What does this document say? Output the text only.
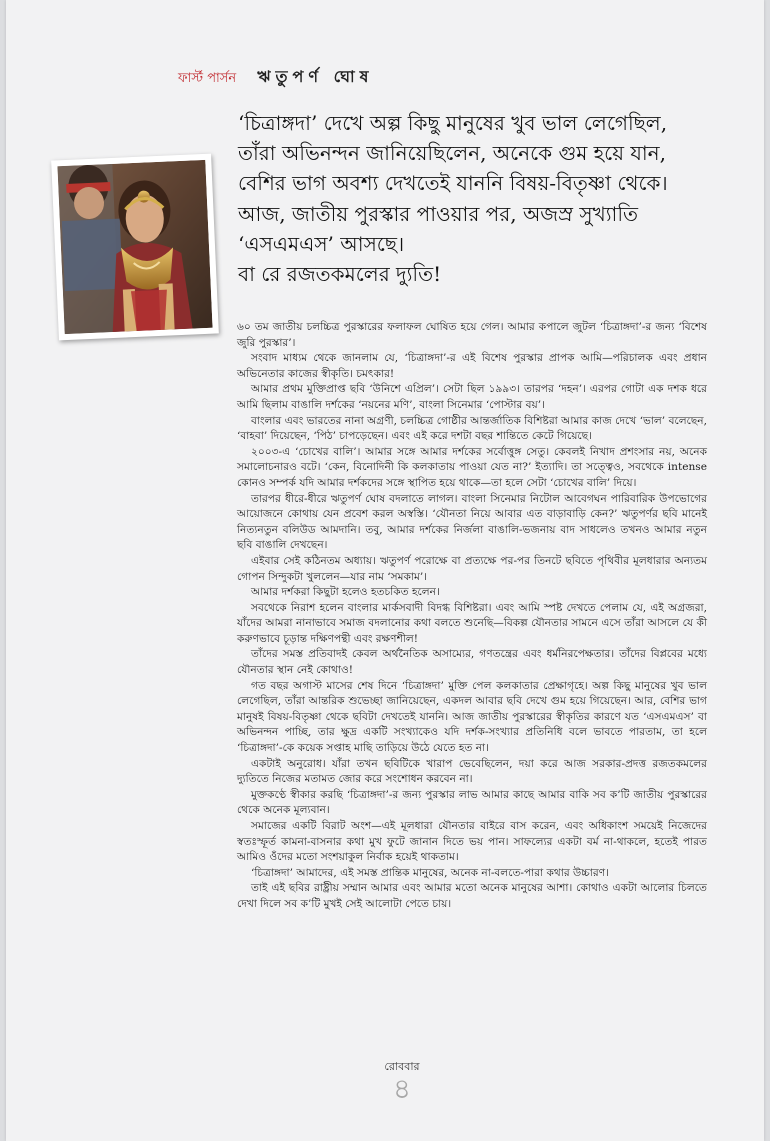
ফার্স্ট পার্সন ঋতুপর্ণ ঘোষ

‘চিত্রাঙ্গদা’ দেখে অল্প কিছু মানুষের খুব ভাল লেগেছিল, তাঁরা অভিনন্দন জানিয়েছিলেন, অনেকে গুম হয়ে যান, বেশির ভাগ অবশ্য দেখতেই যাননি বিষয়-বিতৃষ্ণা থেকে। আজ, জাতীয় পুরস্কার পাওয়ার পর, অজস্র সুখ্যাতি ‘এসএমএস’ আসছে।

বা রে রজতকমলের দ্যুতি!

৬০ তম জাতীয় চলচ্চিত্র পুরস্কারের ফলাফল ঘোষিত হয়ে গেল। আমার কপালে জুটল ‘চিত্রাঙ্গদা’-র জন্য ‘বিশেষ জুরি পুরস্কার’।

সংবাদ মাধ্যম থেকে জানলাম যে, ‘চিত্রাঙ্গদা’-র এই বিশেষ পুরস্কার প্রাপক আমি—পরিচালক এবং প্রধান অভিনেতার কাজের স্বীকৃতি। চমৎকার!

আমার প্রথম মুক্তিপ্রাপ্ত ছবি ‘উনিশে এপ্রিল’। সেটা ছিল ১৯৯৩। তারপর ‘দহন’। এরপর গোটা এক দশক ধরে আমি ছিলাম বাঙালি দর্শকের ‘নয়নের মণি’, বাংলা সিনেমার ‘পোস্টার বয়’।

বাংলার এবং ভারতের নানা অগ্রণী, চলচ্চিত্র গোষ্ঠীর আন্তর্জাতিক বিশিষ্টরা আমার কাজ দেখে ‘ভাল’ বলেছেন, ‘বাহবা’ দিয়েছেন, ‘পিঠ’ চাপড়েছেন। এবং এই করে দশটা বছর শান্তিতে কেটে গিয়েছে।

২০০৩-এ ‘চোখের বালি’। আমার সঙ্গে আমার দর্শকের সর্বোত্তুঙ্গ সেতু। কেবলই নিখাদ প্রশংসার নয়, অনেক সমালোচনারও বটে। ‘কেন, বিনোদিনী কি কলকাতায় পাওয়া যেত না?’ ইত্যাদি। তা সত্ত্বেও, সবথেকে intense কোনও সম্পর্ক যদি আমার দর্শকদের সঙ্গে স্থাপিত হয়ে থাকে—তা হলে সেটা ‘চোখের বালি’ দিয়ে।

তারপর ধীরে-ধীরে ঋতুপর্ণ ঘোষ বদলাতে লাগল। বাংলা সিনেমার নিটোল আবেগঘন পারিবারিক উপভোগের আয়োজনে কোথায় যেন প্রবেশ করল অস্বস্তি। ‘যৌনতা নিয়ে আবার এত বাড়াবাড়ি কেন?’ ঋতুপর্ণর ছবি মানেই নিত্যনতুন বলিউড আমদানি। তবু, আমার দর্শকের নির্জলা বাঙালি-ভজনায় বাদ সাধলেও তখনও আমার নতুন ছবি বাঙালি দেখছেন।

এইবার সেই কঠিনতম অধ্যায়। ঋতুপর্ণ পরোক্ষে বা প্রত্যক্ষে পর-পর তিনটে ছবিতে পৃথিবীর মূলধারার অন্যতম গোপন সিন্দুকটা খুললেন—যার নাম ‘সমকাম’।

আমার দর্শকরা কিছুটা হলেও হতচকিত হলেন।

সবথেকে নিরাশ হলেন বাংলার মার্কসবাদী বিদগ্ধ বিশিষ্টরা। এবং আমি স্পষ্ট দেখতে পেলাম যে, এই অগ্রজরা, যাঁদের আমরা নানাভাবে সমাজ বদলানোর কথা বলতে শুনেছি—বিকল্প যৌনতার সামনে এসে তাঁরা আসলে যে কী করুণভাবে চূড়ান্ত দক্ষিণপন্থী এবং রক্ষণশীল!

তাঁদের সমস্ত প্রতিবাদই কেবল অর্থনৈতিক অসাম্যের, গণতন্ত্রের এবং ধর্মনিরপেক্ষতার। তাঁদের বিপ্লবের মধ্যে যৌনতার স্থান নেই কোথাও!

গত বছর অগাস্ট মাসের শেষ দিনে ‘চিত্রাঙ্গদা’ মুক্তি পেল কলকাতার প্রেক্ষাগৃহে। অল্প কিছু মানুষের খুব ভাল লেগেছিল, তাঁরা আন্তরিক শুভেচ্ছা জানিয়েছেন, একদল আবার ছবি দেখে গুম হয়ে গিয়েছেন। আর, বেশির ভাগ মানুষই বিষয়-বিতৃষ্ণা থেকে ছবিটা দেখতেই যাননি। আজ জাতীয় পুরস্কারের স্বীকৃতির কারণে যত ‘এসএমএস’ বা অভিনন্দন পাচ্ছি, তার ক্ষুদ্র একটি সংখ্যাকেও যদি দর্শক-সংখ্যার প্রতিনিধি বলে ভাবতে পারতাম, তা হলে ‘চিত্রাঙ্গদা’-কে কয়েক সপ্তাহ মাছি তাড়িয়ে উঠে যেতে হত না।

একটাই অনুরোধ। যাঁরা তখন ছবিটিকে খারাপ ভেবেছিলেন, দয়া করে আজ সরকার-প্রদত্ত রজতকমলের দ্যুতিতে নিজের মতামত জোর করে সংশোধন করবেন না।

মুক্তকণ্ঠে স্বীকার করছি ‘চিত্রাঙ্গদা’-র জন্য পুরস্কার লাভ আমার কাছে আমার বাকি সব ক’টি জাতীয় পুরস্কারের থেকে অনেক মূল্যবান।

সমাজের একটি বিরাট অংশ—এই মূলধারা যৌনতার বাইরে বাস করেন, এবং অধিকাংশ সময়েই নিজেদের স্বতঃস্ফূর্ত কামনা-বাসনার কথা মুখ ফুটে জানান দিতে ভয় পান। সাফল্যের একটা বর্ম না-থাকলে, হতেই পারত আমিও ওঁদের মতো সংশয়াকুল নির্বাক হয়েই থাকতাম।

‘চিত্রাঙ্গদা’ আমাদের, এই সমস্ত প্রান্তিক মানুষের, অনেক না-বলতে-পারা কথার উচ্চারণ।

তাই এই ছবির রাষ্ট্রীয় সম্মান আমার এবং আমার মতো অনেক মানুষের আশা। কোথাও একটা আলোর চিলতে দেখা দিলে সব ক’টি মুখই সেই আলোটা পেতে চায়।

রোববার
৪
